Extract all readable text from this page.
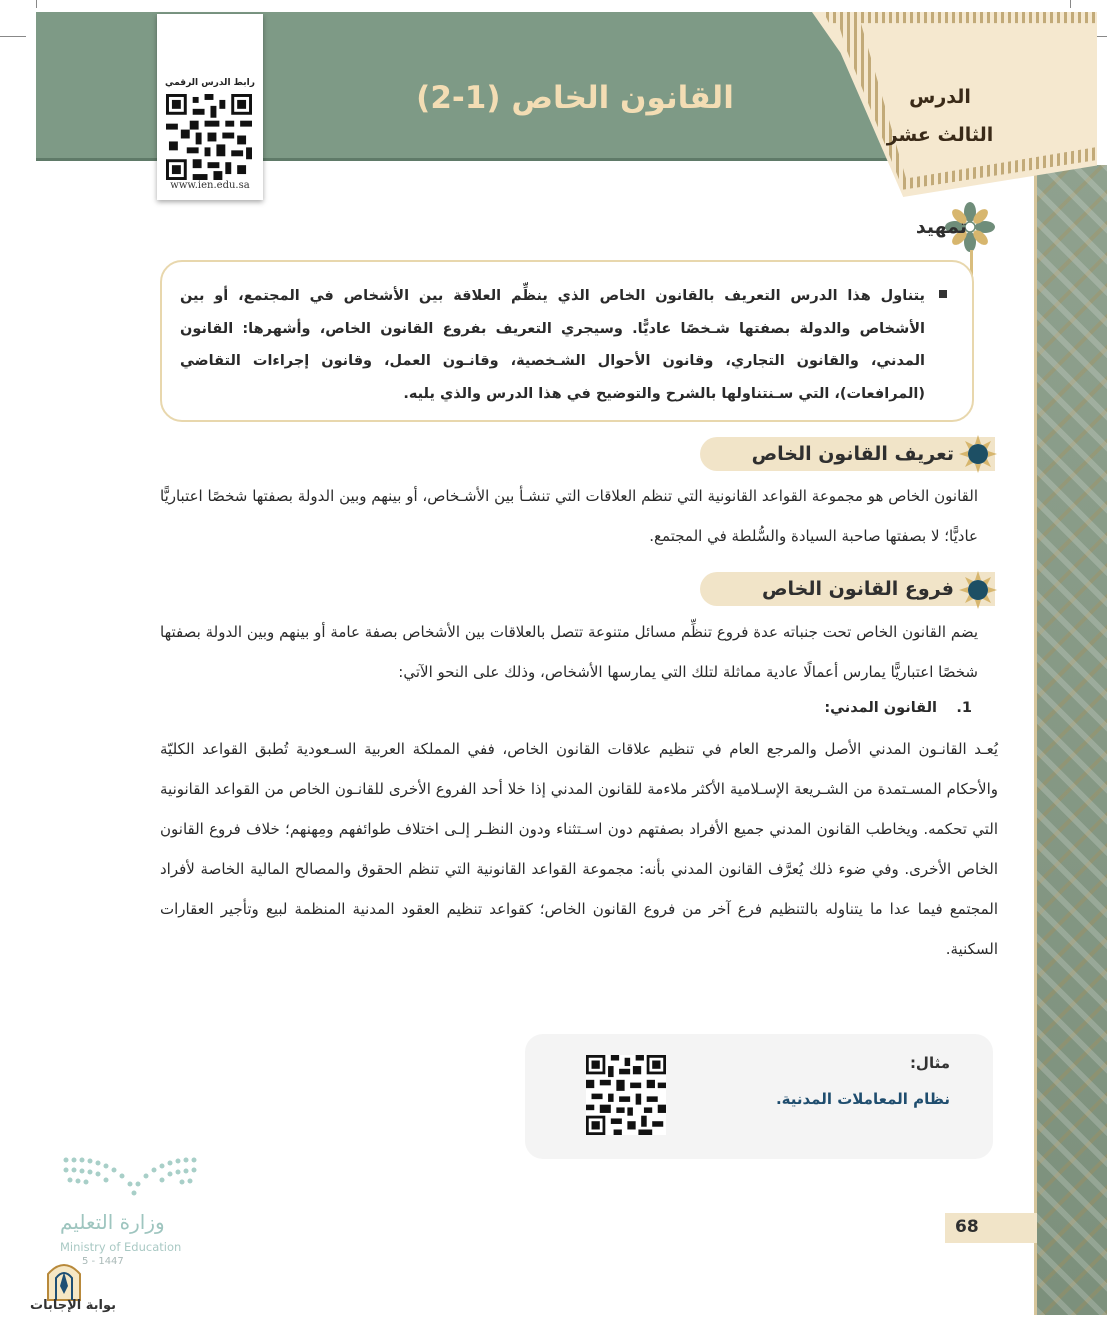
القانون الخاص (1-2)	الدرس
الثالث عشر
رابط الدرس الرقمي
www.ien.edu.sa
تمهيد
يتناول هذا الدرس التعريف بالقانون الخاص الذي ينظِّم العلاقة بين الأشخاص في المجتمع، أو بين الأشخاص والدولة بصفتها شـخصًا عاديًّا. وسيجري التعريف بفروع القانون الخاص، وأشهرها: القانون المدني، والقانون التجاري، وقانون الأحوال الشـخصية، وقانـون العمل، وقانون إجراءات التقاضي (المرافعات)، التي سـنتناولها بالشرح والتوضيح في هذا الدرس والذي يليه.
تعريف القانون الخاص
القانون الخاص هو مجموعة القواعد القانونية التي تنظم العلاقات التي تنشـأ بين الأشـخاص، أو بينهم وبين الدولة بصفتها شخصًا اعتباريًّا عاديًّا؛ لا بصفتها صاحبة السيادة والسُّلطة في المجتمع.
فروع القانون الخاص
يضم القانون الخاص تحت جنباته عدة فروع تنظِّم مسائل متنوعة تتصل بالعلاقات بين الأشخاص بصفة عامة أو بينهم وبين الدولة بصفتها شخصًا اعتباريًّا يمارس أعمالًا عادية مماثلة لتلك التي يمارسها الأشخاص، وذلك على النحو الآتي:
1.
القانون المدني:
يُعـد القانـون المدني الأصل والمرجع العام في تنظيم علاقات القانون الخاص، ففي المملكة العربية السـعودية تُطبق القواعد الكليّة والأحكام المسـتمدة من الشـريعة الإسـلامية الأكثر ملاءمة للقانون المدني إذا خلا أحد الفروع الأخرى للقانـون الخاص من القواعد القانونية التي تحكمه. ويخاطب القانون المدني جميع الأفراد بصفتهم دون اسـتثناء ودون النظـر إلـى اختلاف طوائفهم ومِهنهم؛ خلاف فروع القانون الخاص الأخرى. وفي ضوء ذلك يُعرَّف القانون المدني بأنه: مجموعة القواعد القانونية التي تنظم الحقوق والمصالح المالية الخاصة لأفراد المجتمع فيما عدا ما يتناوله بالتنظيم فرع آخر من فروع القانون الخاص؛ كقواعد تنظيم العقود المدنية المنظمة لبيع وتأجير العقارات السكنية.
مثال:
نظام المعاملات المدنية.
68
وزارة التعليم
Ministry of Education
5 - 1447
بوابة الإجابات
